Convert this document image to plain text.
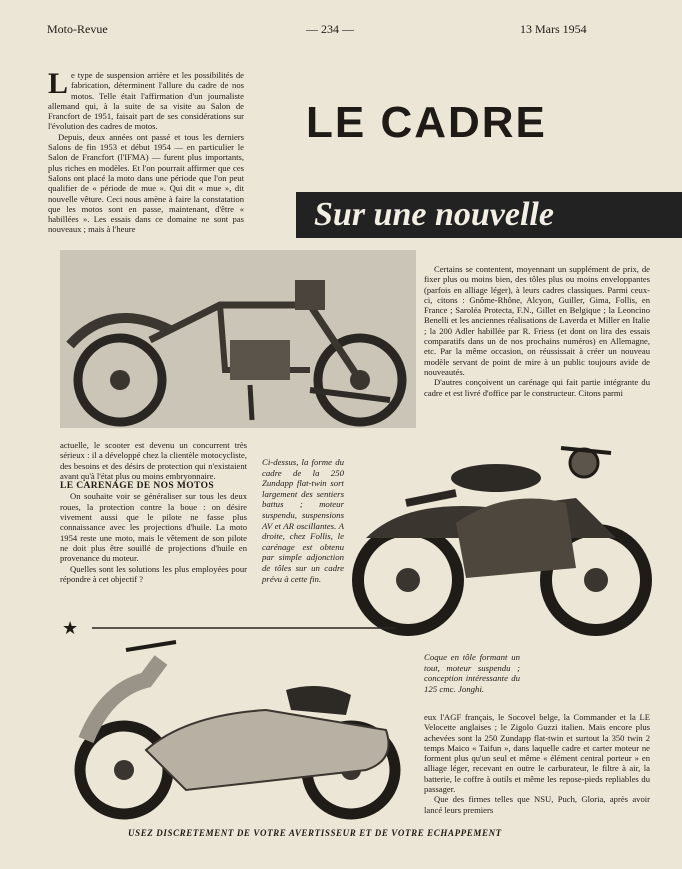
Moto-Revue	— 234 —	13 Mars 1954

Le type de suspension arrière et les possibilités de fabrication, déterminent l'allure du cadre de nos motos. Telle était l'affirmation d'un journaliste allemand qui, à la suite de sa visite au Salon de Francfort de 1951, faisait part de ses considérations sur l'évolution des cadres de motos.

Depuis, deux années ont passé et tous les derniers Salons de fin 1953 et début 1954 — en particulier le Salon de Francfort (l'IFMA) — furent plus importants, plus riches en modèles. Et l'on pourrait affirmer que ces Salons ont placé la moto dans une période que l'on peut qualifier de « période de mue ». Qui dit « mue », dit nouvelle vêture. Ceci nous amène à faire la constatation que les motos sont en passe, maintenant, d'être « habillées ». Les essais dans ce domaine ne sont pas nouveaux ; mais à l'heure

LE CADRE
Sur une nouvelle

Certains se contentent, moyennant un supplément de prix, de fixer plus ou moins bien, des tôles plus ou moins enveloppantes (parfois en alliage léger), à leurs cadres classiques. Parmi ceux-ci, citons : Gnôme-Rhône, Alcyon, Guiller, Gima, Follis, en France ; Saroléa Protecta, F.N., Gillet en Belgique ; la Leoncino Benelli et les anciennes réalisations de Laverda et Miller en Italie ; la 200 Adler habillée par R. Friess (et dont on lira des essais comparatifs dans un de nos prochains numéros) en Allemagne, etc. Par la même occasion, on réussissait à créer un nouveau modèle servant de point de mire à un public toujours avide de nouveautés.

D'autres conçoivent un carénage qui fait partie intégrante du cadre et est livré d'office par le constructeur. Citons parmi

actuelle, le scooter est devenu un concurrent très sérieux : il a développé chez la clientèle motocycliste, des besoins et des désirs de protection qui n'existaient avant qu'à l'état plus ou moins embryonnaire.

LE CARENAGE DE NOS MOTOS

On souhaite voir se généraliser sur tous les deux roues, la protection contre la boue : on désire vivement aussi que le pilote ne fasse plus connaissance avec les projections d'huile. La moto 1954 reste une moto, mais le vêtement de son pilote ne doit plus être souillé de projections d'huile en provenance du moteur.

Quelles sont les solutions les plus employées pour répondre à cet objectif ?

Ci-dessus, la forme du cadre de la 250 Zundapp flat-twin sort largement des sentiers battus ; moteur suspendu, suspensions AV et AR oscillantes. A droite, chez Follis, le carénage est obtenu par simple adjonction de tôles sur un cadre prévu à cette fin.
★
Coque en tôle formant un tout, moteur suspendu ; conception intéressante du 125 cmc. Jonghi.

eux l'AGF français, le Socovel belge, la Commander et la LE Velocette anglaises ; le Zigolo Guzzi italien. Mais encore plus achevées sont la 250 Zundapp flat-twin et surtout la 350 twin 2 temps Maico « Taifun », dans laquelle cadre et carter moteur ne forment plus qu'un seul et même « élément central porteur » en alliage léger, recevant en outre le carburateur, le filtre à air, la batterie, le coffre à outils et même les repose-pieds repliables du passager.

Que des firmes telles que NSU, Puch, Gloria, après avoir lancé leurs premiers

USEZ DISCRETEMENT DE VOTRE AVERTISSEUR ET DE VOTRE ECHAPPEMENT
